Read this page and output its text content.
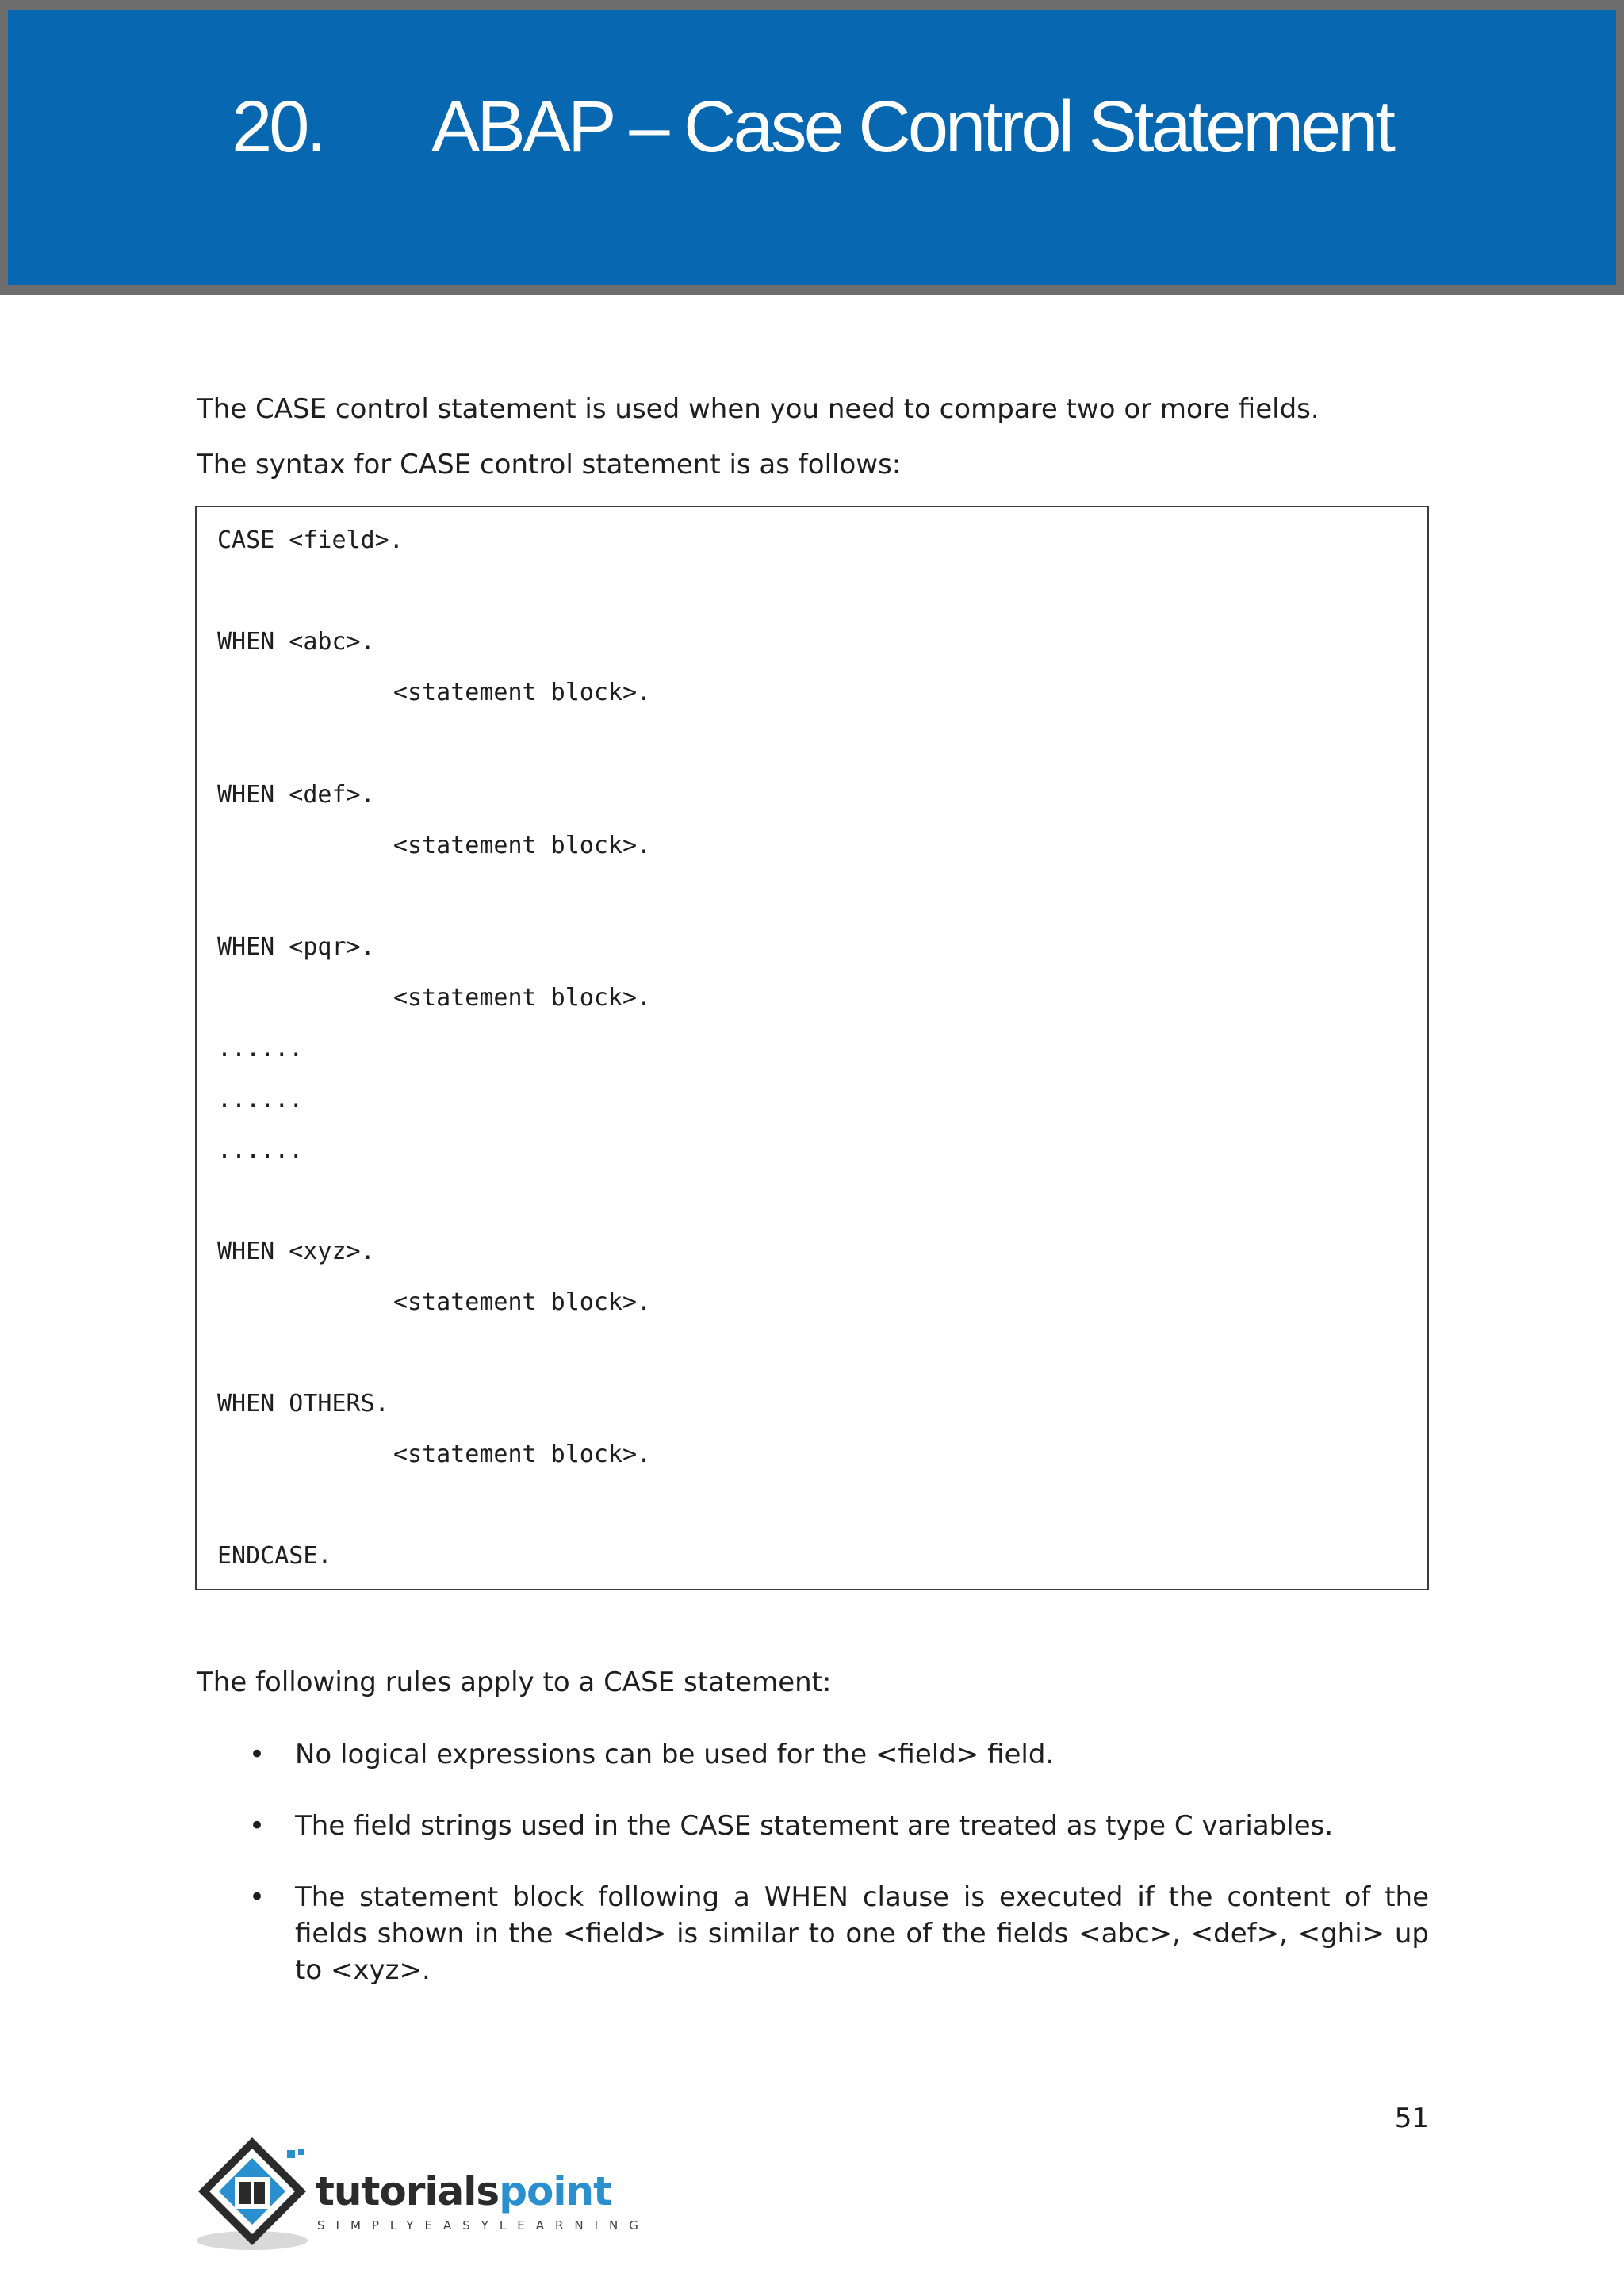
20. ABAP – Case Control Statement

The CASE control statement is used when you need to compare two or more fields.

The syntax for CASE control statement is as follows:

CASE <field>.
WHEN <abc>.
<statement block>.
WHEN <def>.
<statement block>.
WHEN <pqr>.
<statement block>.
......
......
......
WHEN <xyz>.
<statement block>.
WHEN OTHERS.
<statement block>.
ENDCASE.

The following rules apply to a CASE statement:

• No logical expressions can be used for the <field> field.
• The field strings used in the CASE statement are treated as type C variables.
• The statement block following a WHEN clause is executed if the content of the fields shown in the <field> is similar to one of the fields <abc>, <def>, <ghi> up to <xyz>.
51
tutorialspoint
SIMPLYEASYLEARNING
